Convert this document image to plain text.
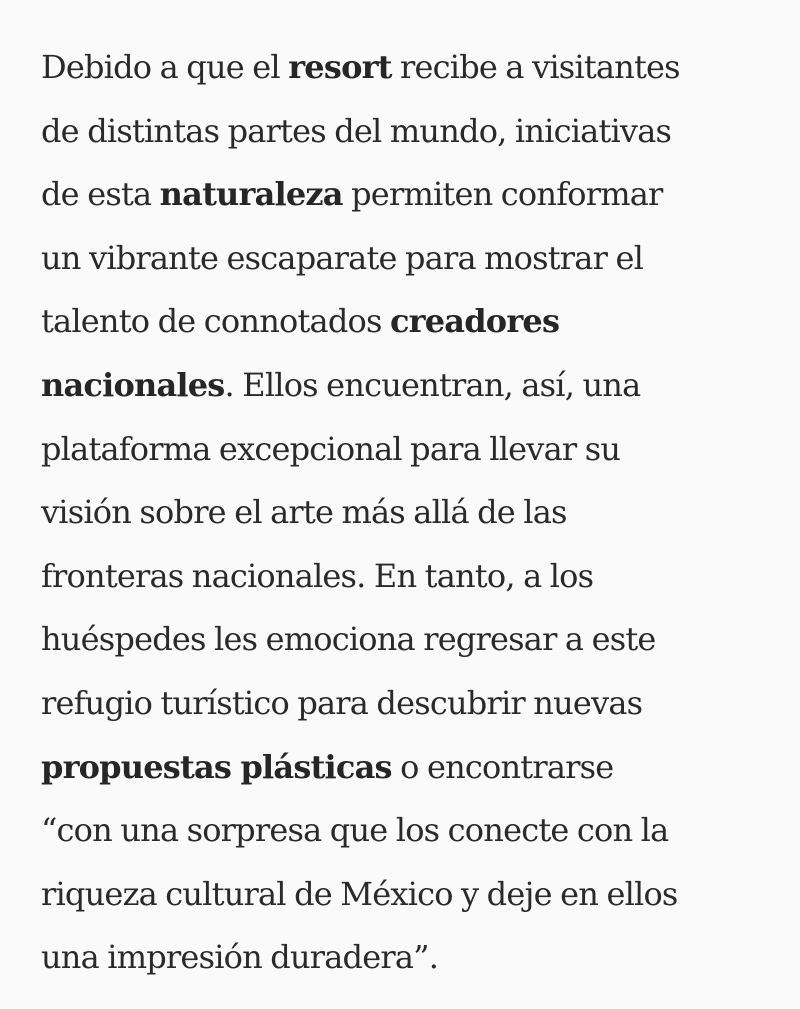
Debido a que el resort recibe a visitantes
de distintas partes del mundo, iniciativas
de esta naturaleza permiten conformar
un vibrante escaparate para mostrar el
talento de connotados creadores
nacionales. Ellos encuentran, así, una
plataforma excepcional para llevar su
visión sobre el arte más allá de las
fronteras nacionales. En tanto, a los
huéspedes les emociona regresar a este
refugio turístico para descubrir nuevas
propuestas plásticas o encontrarse
“con una sorpresa que los conecte con la
riqueza cultural de México y deje en ellos
una impresión duradera”.
